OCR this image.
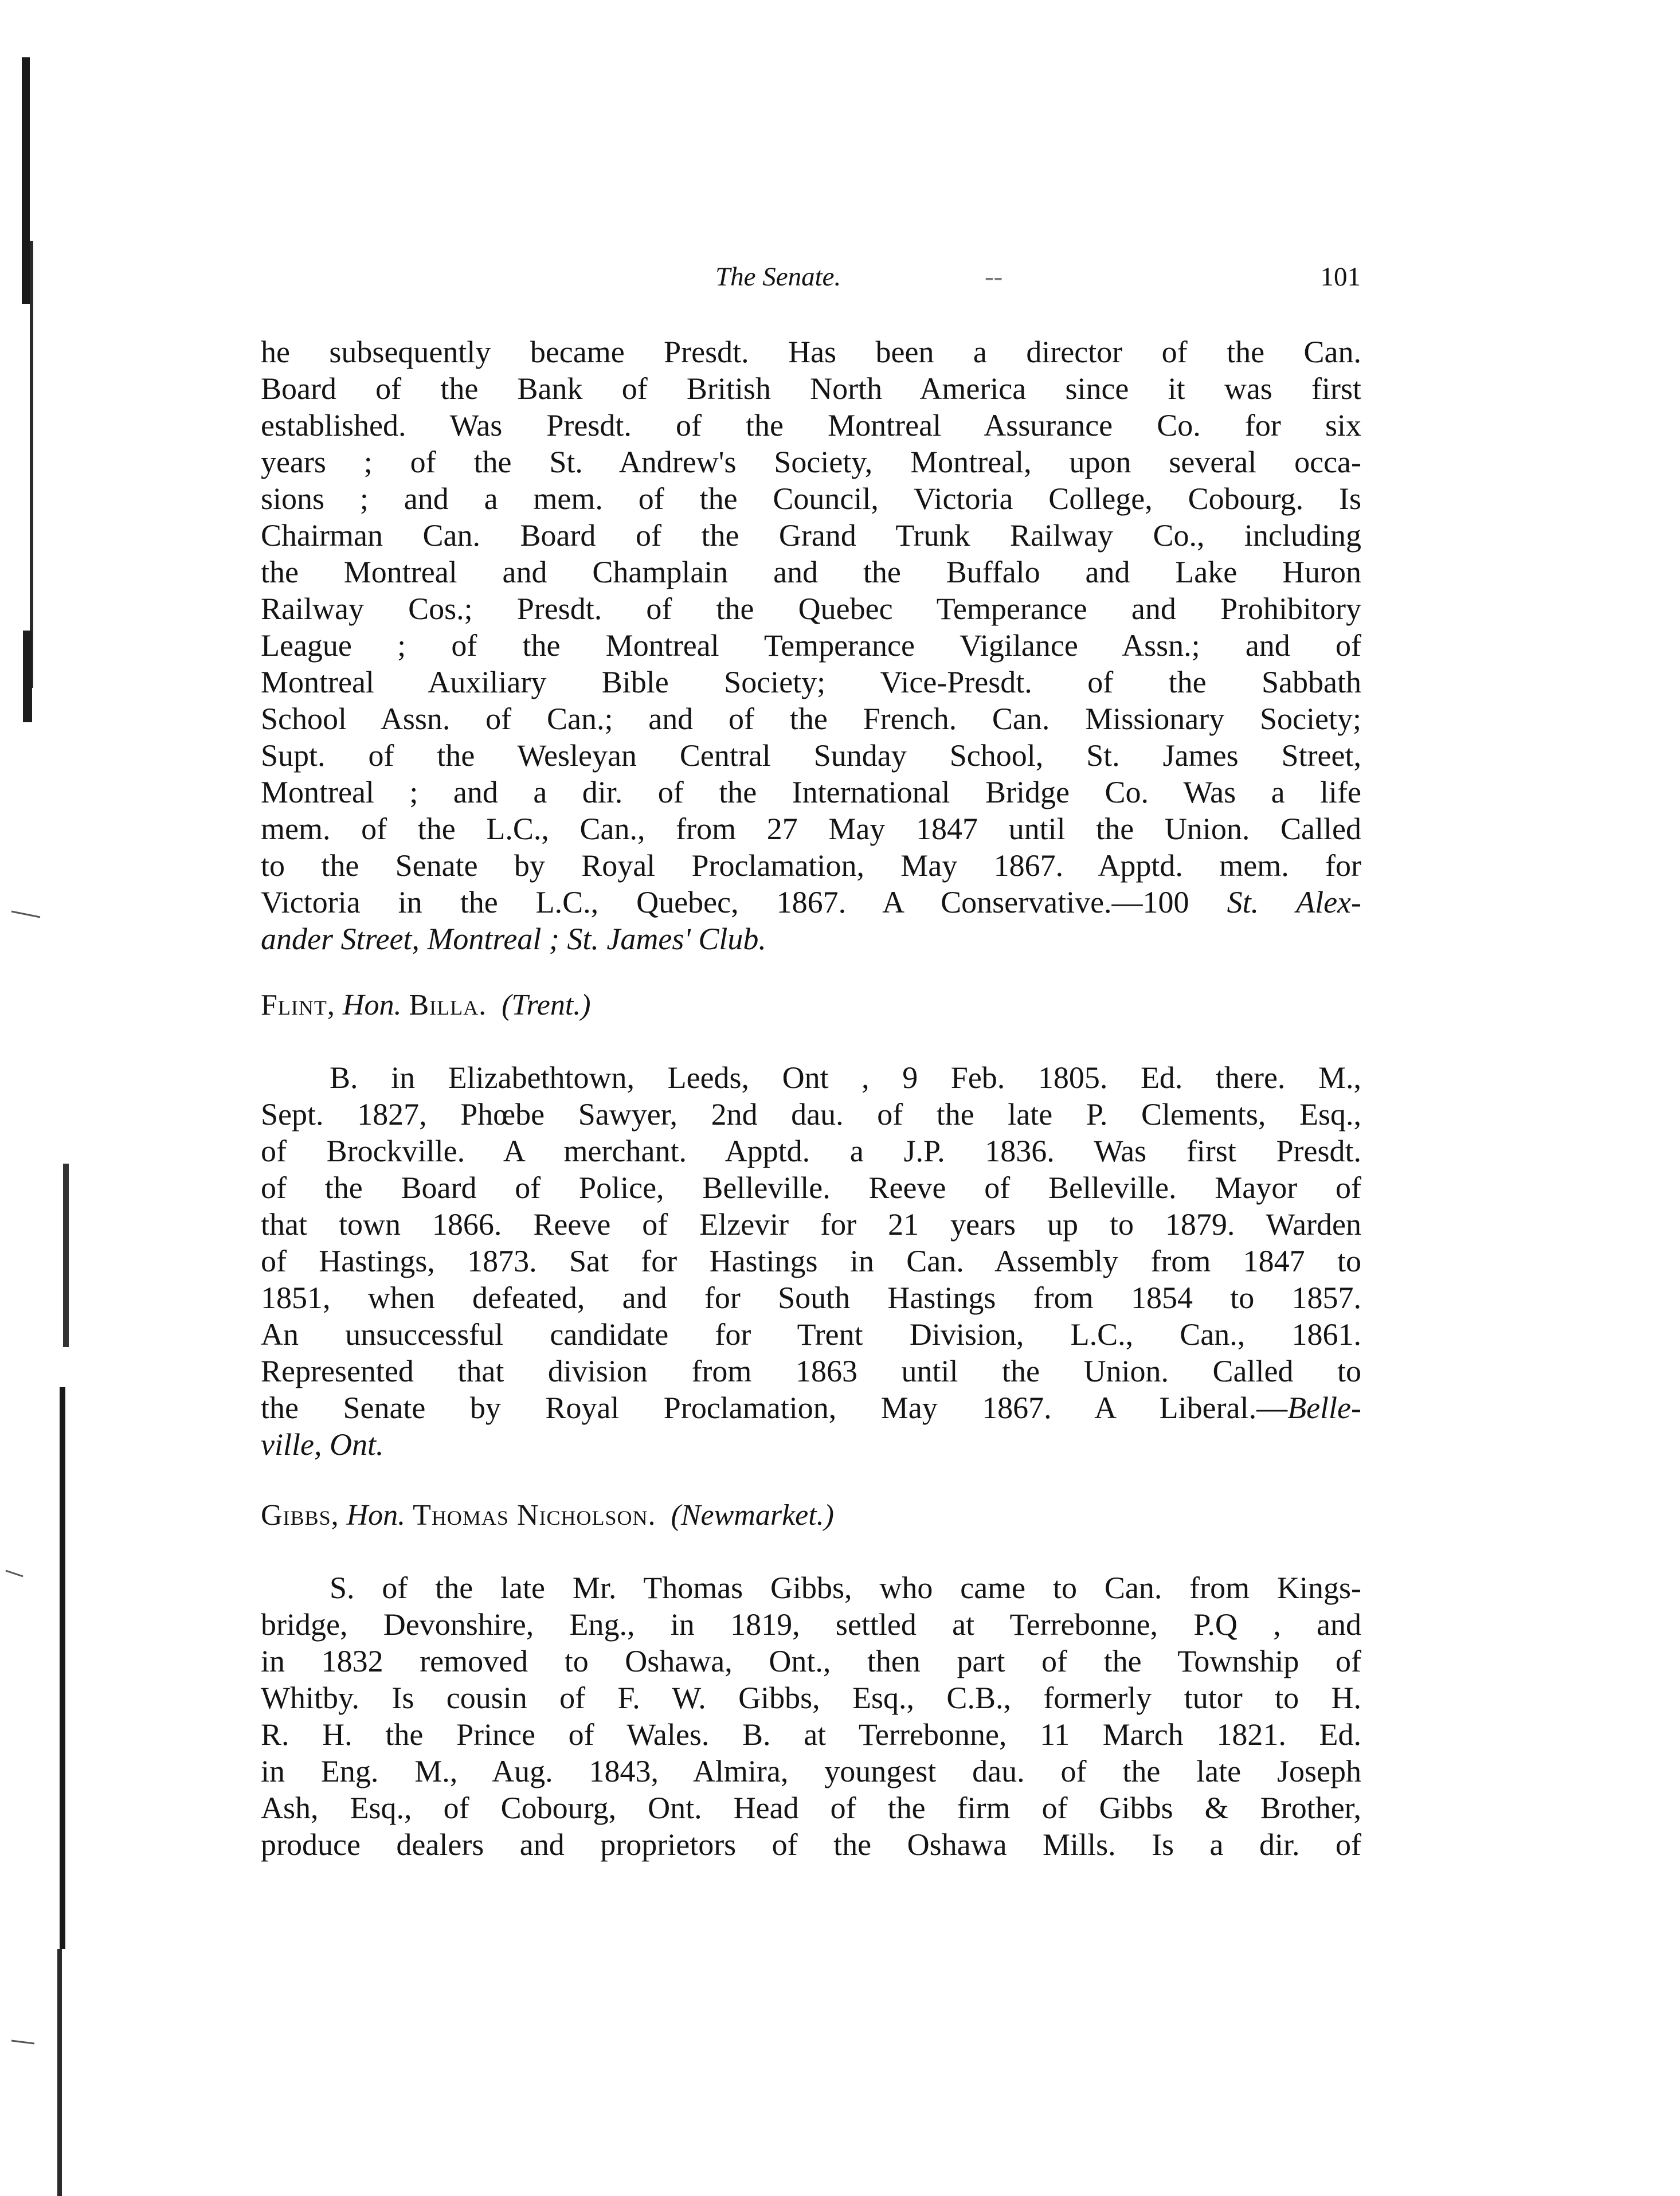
The Senate.	--	101
he subsequently became Presdt. Has been a director of the Can.
Board of the Bank of British North America since it was first
established. Was Presdt. of the Montreal Assurance Co. for six
years ; of the St. Andrew's Society, Montreal, upon several occa-
sions ; and a mem. of the Council, Victoria College, Cobourg. Is
Chairman Can. Board of the Grand Trunk Railway Co., including
the Montreal and Champlain and the Buffalo and Lake Huron
Railway Cos.; Presdt. of the Quebec Temperance and Prohibitory
League ; of the Montreal Temperance Vigilance Assn.; and of
Montreal Auxiliary Bible Society; Vice-Presdt. of the Sabbath
School Assn. of Can.; and of the French. Can. Missionary Society;
Supt. of the Wesleyan Central Sunday School, St. James Street,
Montreal ; and a dir. of the International Bridge Co. Was a life
mem. of the L.C., Can., from 27 May 1847 until the Union. Called
to the Senate by Royal Proclamation, May 1867. Apptd. mem. for
Victoria in the L.C., Quebec, 1867. A Conservative.—100 St. Alex-
ander Street, Montreal ; St. James' Club.
Flint, Hon. Billa. (Trent.)
B. in Elizabethtown, Leeds, Ont , 9 Feb. 1805. Ed. there. M.,
Sept. 1827, Phœbe Sawyer, 2nd dau. of the late P. Clements, Esq.,
of Brockville. A merchant. Apptd. a J.P. 1836. Was first Presdt.
of the Board of Police, Belleville. Reeve of Belleville. Mayor of
that town 1866. Reeve of Elzevir for 21 years up to 1879. Warden
of Hastings, 1873. Sat for Hastings in Can. Assembly from 1847 to
1851, when defeated, and for South Hastings from 1854 to 1857.
An unsuccessful candidate for Trent Division, L.C., Can., 1861.
Represented that division from 1863 until the Union. Called to
the Senate by Royal Proclamation, May 1867. A Liberal.—Belle-
ville, Ont.
Gibbs, Hon. Thomas Nicholson. (Newmarket.)
S. of the late Mr. Thomas Gibbs, who came to Can. from Kings-
bridge, Devonshire, Eng., in 1819, settled at Terrebonne, P.Q , and
in 1832 removed to Oshawa, Ont., then part of the Township of
Whitby. Is cousin of F. W. Gibbs, Esq., C.B., formerly tutor to H.
R. H. the Prince of Wales. B. at Terrebonne, 11 March 1821. Ed.
in Eng. M., Aug. 1843, Almira, youngest dau. of the late Joseph
Ash, Esq., of Cobourg, Ont. Head of the firm of Gibbs & Brother,
produce dealers and proprietors of the Oshawa Mills. Is a dir. of
